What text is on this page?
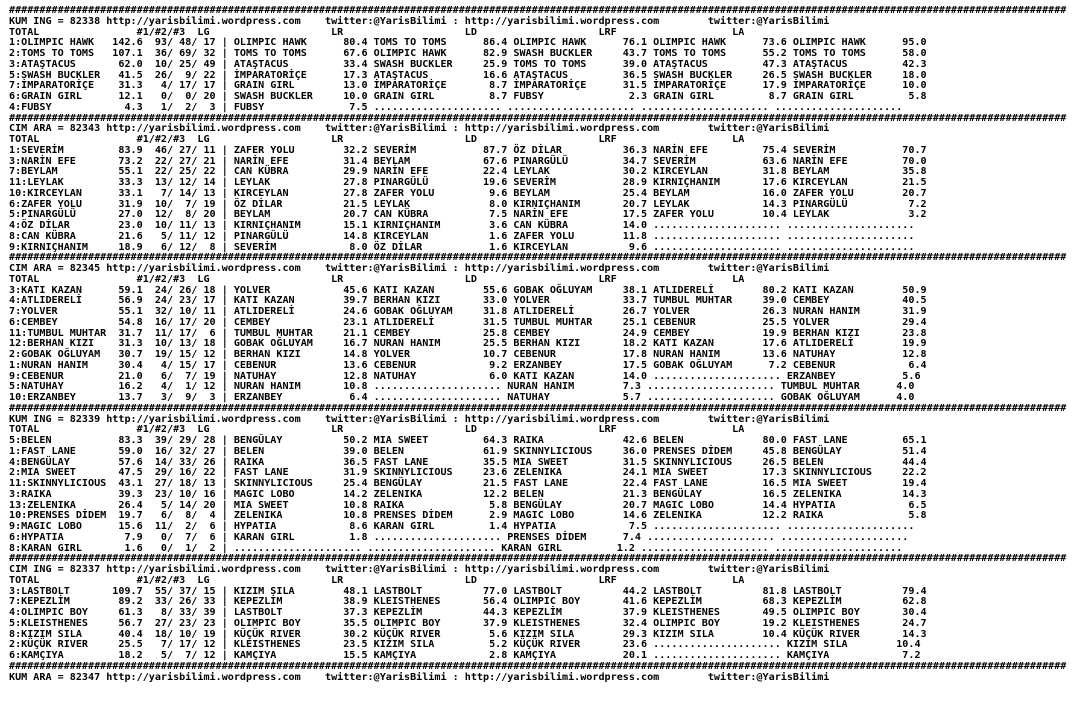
##############################################################################################################################################################################
KUM ING = 82338 http://yarisbilimi.wordpress.com    twitter:@YarisBilimi : http://yarisbilimi.wordpress.com        twitter:@YarisBilimi
TOTAL                #1/#2/#3  LG                    LR                    LD                    LRF                   LA
1:OLIMPIC HAWK   142.6  93/ 48/ 17 | OLIMPIC HAWK      80.4 TOMS TO TOMS      86.4 OLIMPIC HAWK      76.1 OLIMPIC HAWK      73.6 OLIMPIC HAWK      95.0
2:TOMS TO TOMS   107.1  36/ 69/ 32 | TOMS TO TOMS      67.6 OLIMPIC HAWK      82.9 SWASH BUCKLER     43.7 TOMS TO TOMS      55.2 TOMS TO TOMS      58.0
3:ATAŞTACUS       62.0  10/ 25/ 49 | ATAŞTACUS         33.4 SWASH BUCKLER     25.9 TOMS TO TOMS      39.0 ATAŞTACUS         47.3 ATAŞTACUS         42.3
5:SWASH BUCKLER   41.5  26/  9/ 22 | İMPARATORİÇE      17.3 ATAŞTACUS         16.6 ATAŞTACUS         36.5 SWASH BUCKLER     26.5 SWASH BUCKLER     18.0
7:İMPARATORİÇE    31.3   4/ 17/ 17 | GRAIN GIRL        13.0 İMPARATORİÇE       8.7 İMPARATORİÇE      31.5 İMPARATORİÇE      17.9 İMPARATORİÇE      10.0
6:GRAIN GIRL      12.1   0/  0/ 20 | SWASH BUCKLER     10.0 GRAIN GIRL         8.7 FUBSY              2.3 GRAIN GIRL         8.7 GRAIN GIRL         5.8
4:FUBSY            4.3   1/  2/  3 | FUBSY              7.5 ..................... ..................... ..................... .....................
##############################################################################################################################################################################
CIM ARA = 82343 http://yarisbilimi.wordpress.com    twitter:@YarisBilimi : http://yarisbilimi.wordpress.com        twitter:@YarisBilimi
TOTAL                #1/#2/#3  LG                    LR                    LD                    LRF                   LA
1:SEVERİM         83.9  46/ 27/ 11 | ZAFER YOLU        32.2 SEVERİM           87.7 ÖZ DİLAR          36.3 NARİN EFE         75.4 SEVERİM           70.7
3:NARİN EFE       73.2  22/ 27/ 21 | NARİN EFE         31.4 BEYLAM            67.6 PINARGÜLÜ         34.7 SEVERİM           63.6 NARİN EFE         70.0
7:BEYLAM          55.1  22/ 25/ 22 | CAN KÜBRA         29.9 NARİN EFE         22.4 LEYLAK            30.2 KIRCEYLAN         31.8 BEYLAM            35.8
11:LEYLAK         33.3  13/ 12/ 14 | LEYLAK            27.8 PINARGÜLÜ         19.6 SEVERİM           28.9 KIRNIÇHANIM       17.6 KIRCEYLAN         21.5
10:KIRCEYLAN      33.1   7/ 14/ 13 | KIRCEYLAN         27.8 ZAFER YOLU         9.6 BEYLAM            25.4 BEYLAM            16.0 ZAFER YOLU        20.7
6:ZAFER YOLU      31.9  10/  7/ 19 | ÖZ DİLAR          21.5 LEYLAK             8.0 KIRNIÇHANIM       20.7 LEYLAK            14.3 PINARGÜLÜ          7.2
5:PINARGÜLÜ       27.0  12/  8/ 20 | BEYLAM            20.7 CAN KÜBRA          7.5 NARİN EFE         17.5 ZAFER YOLU        10.4 LEYLAK             3.2
4:ÖZ DİLAR        23.0  10/ 11/ 13 | KIRNIÇHANIM       15.1 KIRNIÇHANIM        3.6 CAN KÜBRA         14.0 ..................... .....................
8:CAN KÜBRA       21.6   5/ 11/ 12 | PINARGÜLÜ         14.8 KIRCEYLAN          1.6 ZAFER YOLU        11.8 ..................... .....................
9:KIRNIÇHANIM     18.9   6/ 12/  8 | SEVERİM            8.0 ÖZ DİLAR           1.6 KIRCEYLAN          9.6 ..................... .....................
##############################################################################################################################################################################
CIM ARA = 82345 http://yarisbilimi.wordpress.com    twitter:@YarisBilimi : http://yarisbilimi.wordpress.com        twitter:@YarisBilimi
TOTAL                #1/#2/#3  LG                    LR                    LD                    LRF                   LA
3:KATI KAZAN      59.1  24/ 26/ 18 | YOLVER            45.6 KATI KAZAN        55.6 GOBAK OĞLUYAM     38.1 ATLIDERELİ        80.2 KATI KAZAN        50.9
4:ATLIDERELİ      56.9  24/ 23/ 17 | KATI KAZAN        39.7 BERHAN KIZI       33.0 YOLVER            33.7 TUMBUL MUHTAR     39.0 CEMBEY            40.5
7:YOLVER          55.1  32/ 10/ 11 | ATLIDERELİ        24.6 GOBAK OĞLUYAM     31.8 ATLIDERELİ        26.7 YOLVER            26.3 NURAN HANIM       31.9
6:CEMBEY          54.8  16/ 17/ 20 | CEMBEY            23.1 ATLIDERELİ        31.5 TUMBUL MUHTAR     25.1 CEBENUR           25.5 YOLVER            29.4
11:TUMBUL MUHTAR  31.7  11/ 17/  6 | TUMBUL MUHTAR     21.1 CEMBEY            25.8 CEMBEY            24.9 CEMBEY            19.9 BERHAN KIZI       23.8
12:BERHAN KIZI    31.3  10/ 13/ 18 | GOBAK OĞLUYAM     16.7 NURAN HANIM       25.5 BERHAN KIZI       18.2 KATI KAZAN        17.6 ATLIDERELİ        19.9
2:GOBAK OĞLUYAM   30.7  19/ 15/ 12 | BERHAN KIZI       14.8 YOLVER            10.7 CEBENUR           17.8 NURAN HANIM       13.6 NATUHAY           12.8
1:NURAN HANIM     30.4   4/ 15/ 17 | CEBENUR           13.6 CEBENUR            9.2 ERZANBEY          17.5 GOBAK OĞLUYAM      7.2 CEBENUR            6.4
9:CEBENUR         21.0   6/  7/ 19 | NATUHAY           12.8 NATUHAY            6.0 KATI KAZAN        14.0 ..................... ERZANBEY           5.6
5:NATUHAY         16.2   4/  1/ 12 | NURAN HANIM       10.8 ..................... NURAN HANIM        7.3 ..................... TUMBUL MUHTAR      4.0
10:ERZANBEY       13.7   3/  9/  3 | ERZANBEY           6.4 ..................... NATUHAY            5.7 ..................... GOBAK OĞLUYAM      4.0
##############################################################################################################################################################################
KUM ING = 82339 http://yarisbilimi.wordpress.com    twitter:@YarisBilimi : http://yarisbilimi.wordpress.com        twitter:@YarisBilimi
TOTAL                #1/#2/#3  LG                    LR                    LD                    LRF                   LA
5:BELEN           83.3  39/ 29/ 28 | BENGÜLAY          50.2 MIA SWEET         64.3 RAIKA             42.6 BELEN             80.0 FAST LANE         65.1
1:FAST LANE       59.0  16/ 32/ 27 | BELEN             39.0 BELEN             61.9 SKINNYLICIOUS     36.0 PRENSES DİDEM     45.8 BENGÜLAY          51.4
4:BENGÜLAY        57.6  14/ 33/ 26 | RAIKA             36.5 FAST LANE         35.5 MIA SWEET         31.5 SKINNYLICIOUS     26.5 BELEN             44.4
2:MIA SWEET       47.5  29/ 16/ 22 | FAST LANE         31.9 SKINNYLICIOUS     23.6 ZELENIKA          24.1 MIA SWEET         17.3 SKINNYLICIOUS     22.2
11:SKINNYLICIOUS  43.1  27/ 18/ 13 | SKINNYLICIOUS     25.4 BENGÜLAY          21.5 FAST LANE         22.4 FAST LANE         16.5 MIA SWEET         19.4
3:RAIKA           39.3  23/ 10/ 16 | MAGIC LOBO        14.2 ZELENIKA          12.2 BELEN             21.3 BENGÜLAY          16.5 ZELENIKA          14.3
13:ZELENIKA       26.4   5/ 14/ 20 | MIA SWEET         10.8 RAIKA              5.8 BENGÜLAY          20.7 MAGIC LOBO        14.4 HYPATIA            6.5
10:PRENSES DİDEM  19.7   6/  8/  4 | ZELENIKA          10.8 PRENSES DİDEM      2.9 MAGIC LOBO        14.6 ZELENIKA          12.2 RAIKA              5.8
9:MAGIC LOBO      15.6  11/  2/  6 | HYPATIA            8.6 KARAN GIRL         1.4 HYPATIA            7.5 ..................... .....................
6:HYPATIA          7.9   0/  7/  6 | KARAN GIRL         1.8 ..................... PRENSES DİDEM      7.4 ..................... .....................
8:KARAN GIRL       1.6   0/  1/  2 | ..................... ..................... KARAN GIRL         1.2 ..................... .....................
##############################################################################################################################################################################
CIM ING = 82337 http://yarisbilimi.wordpress.com    twitter:@YarisBilimi : http://yarisbilimi.wordpress.com        twitter:@YarisBilimi
TOTAL                #1/#2/#3  LG                    LR                    LD                    LRF                   LA
3:LASTBOLT       109.7  55/ 37/ 15 | KIZIM SILA        48.1 LASTBOLT          77.0 LASTBOLT          44.2 LASTBOLT          81.8 LASTBOLT          79.4
7:KEPEZLİM        89.2  33/ 26/ 33 | KEPEZLİM          38.9 KLEISTHENES       56.4 OLIMPIC BOY       41.6 KEPEZLİM          68.3 KEPEZLİM          62.8
4:OLIMPIC BOY     61.3   8/ 33/ 39 | LASTBOLT          37.3 KEPEZLİM          44.3 KEPEZLİM          37.9 KLEISTHENES       49.5 OLIMPIC BOY       30.4
5:KLEISTHENES     56.7  27/ 23/ 23 | OLIMPIC BOY       35.5 OLIMPIC BOY       37.9 KLEISTHENES       32.4 OLIMPIC BOY       19.2 KLEISTHENES       24.7
8:KIZIM SILA      40.4  18/ 10/ 19 | KÜÇÜK RIVER       30.2 KÜÇÜK RIVER        5.6 KIZIM SILA        29.3 KIZIM SILA        10.4 KÜÇÜK RIVER       14.3
2:KÜÇÜK RIVER     25.5   7/ 17/ 12 | KLEISTHENES       23.5 KIZIM SILA         5.2 KÜÇÜK RIVER       23.6 ..................... KIZIM SILA        10.4
6:KAMÇIYA         18.2   5/  7/ 12 | KAMÇIYA           15.5 KAMÇIYA            2.8 KAMÇIYA           20.1 ..................... KAMÇIYA            7.2
##############################################################################################################################################################################
KUM ARA = 82347 http://yarisbilimi.wordpress.com    twitter:@YarisBilimi : http://yarisbilimi.wordpress.com        twitter:@YarisBilimi
